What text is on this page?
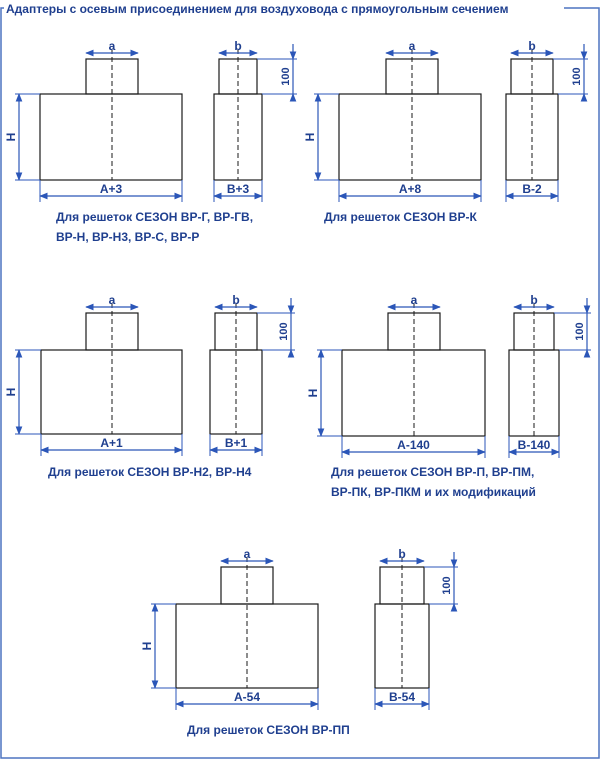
Адаптеры с осевым присоединением для воздуховода с прямоугольным сечением
a
A+3
H
b
B+3
100
Для решеток СЕЗОН ВР-Г, ВР-ГВ,
ВР-Н, ВР-Н3, ВР-С, ВР-Р
a
A+8
H
b
B-2
100
Для решеток СЕЗОН ВР-К
a
A+1
H
b
B+1
100
Для решеток СЕЗОН ВР-Н2, ВР-Н4
a
A-140
H
b
B-140
100
Для решеток СЕЗОН ВР-П, ВР-ПМ,
ВР-ПК, ВР-ПКМ и их модификаций
a
A-54
H
b
B-54
100
Для решеток СЕЗОН ВР-ПП
